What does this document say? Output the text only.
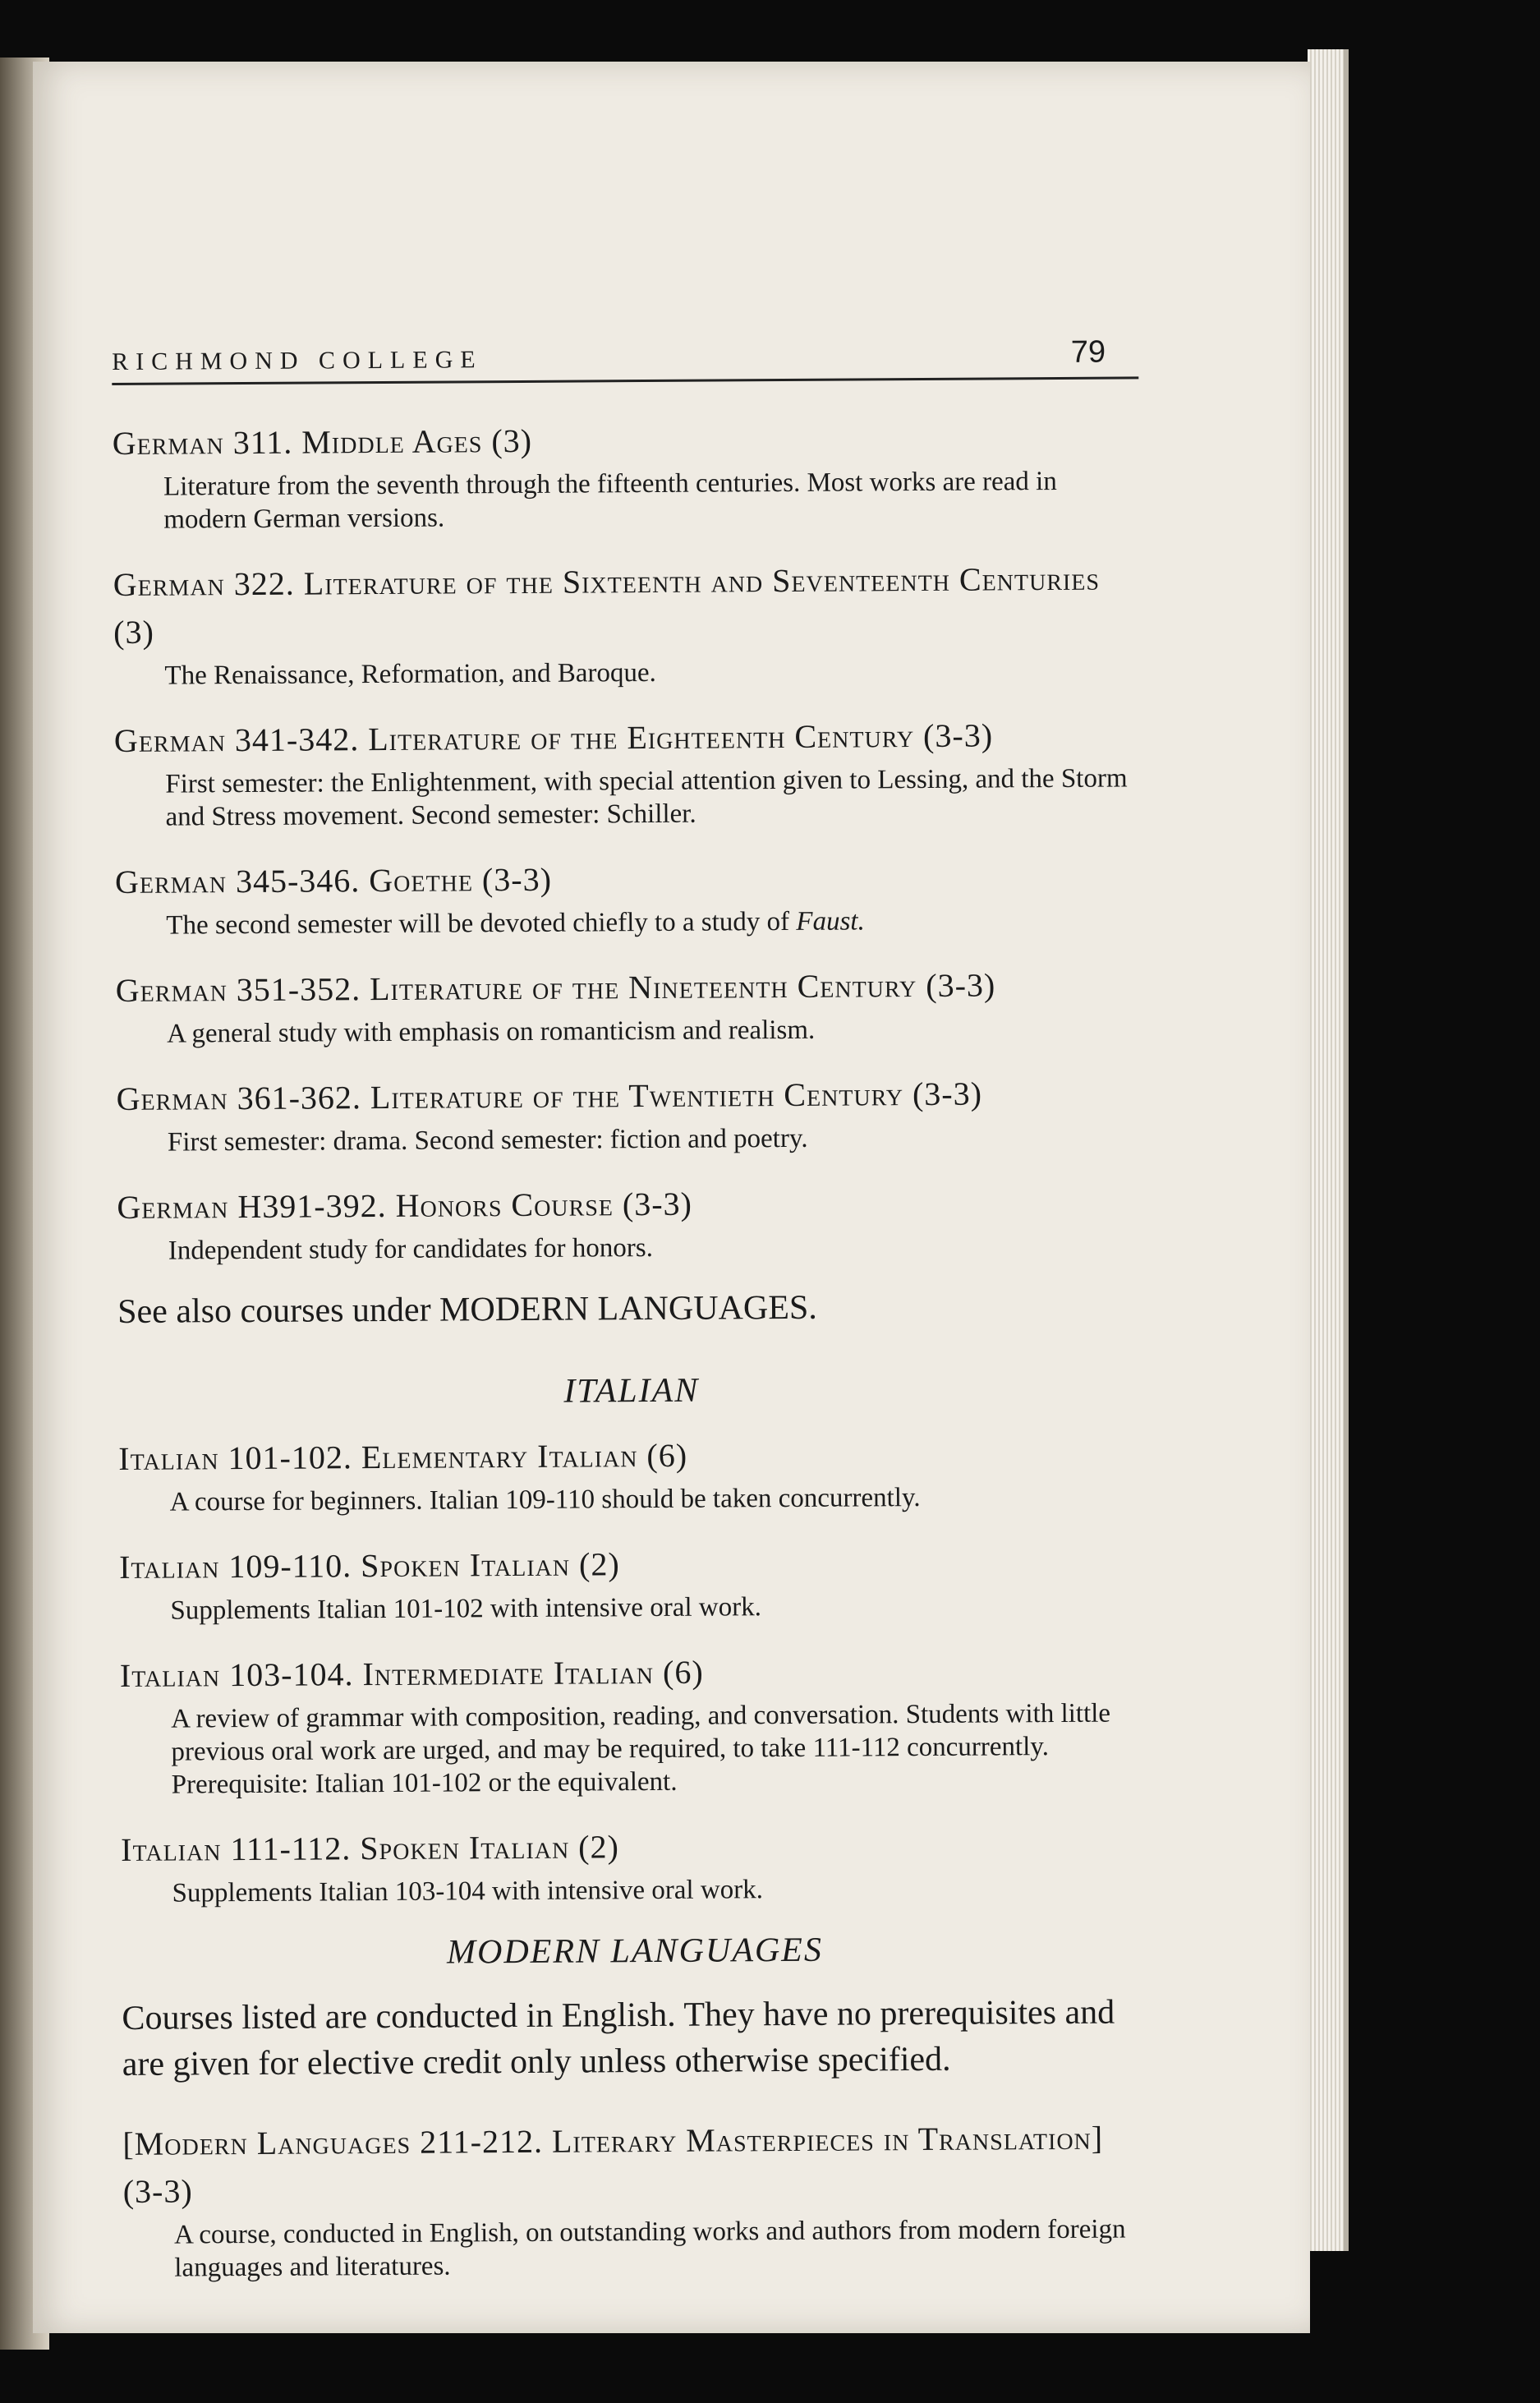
RICHMOND COLLEGE	79
German 311. Middle Ages (3)
Literature from the seventh through the fifteenth centuries. Most works are read in modern German versions.
German 322. Literature of the Sixteenth and Seventeenth Centuries (3)
The Renaissance, Reformation, and Baroque.
German 341-342. Literature of the Eighteenth Century (3-3)
First semester: the Enlightenment, with special attention given to Lessing, and the Storm and Stress movement. Second semester: Schiller.
German 345-346. Goethe (3-3)
The second semester will be devoted chiefly to a study of Faust.
German 351-352. Literature of the Nineteenth Century (3-3)
A general study with emphasis on romanticism and realism.
German 361-362. Literature of the Twentieth Century (3-3)
First semester: drama. Second semester: fiction and poetry.
German H391-392. Honors Course (3-3)
Independent study for candidates for honors.
See also courses under MODERN LANGUAGES.
ITALIAN
Italian 101-102. Elementary Italian (6)
A course for beginners. Italian 109-110 should be taken concurrently.
Italian 109-110. Spoken Italian (2)
Supplements Italian 101-102 with intensive oral work.
Italian 103-104. Intermediate Italian (6)
A review of grammar with composition, reading, and conversation. Students with little previous oral work are urged, and may be required, to take 111-112 concurrently. Prerequisite: Italian 101-102 or the equivalent.
Italian 111-112. Spoken Italian (2)
Supplements Italian 103-104 with intensive oral work.
MODERN LANGUAGES
Courses listed are conducted in English. They have no prerequisites and are given for elective credit only unless otherwise specified.
[Modern Languages 211-212. Literary Masterpieces in Translation] (3-3)
A course, conducted in English, on outstanding works and authors from modern foreign languages and literatures.
